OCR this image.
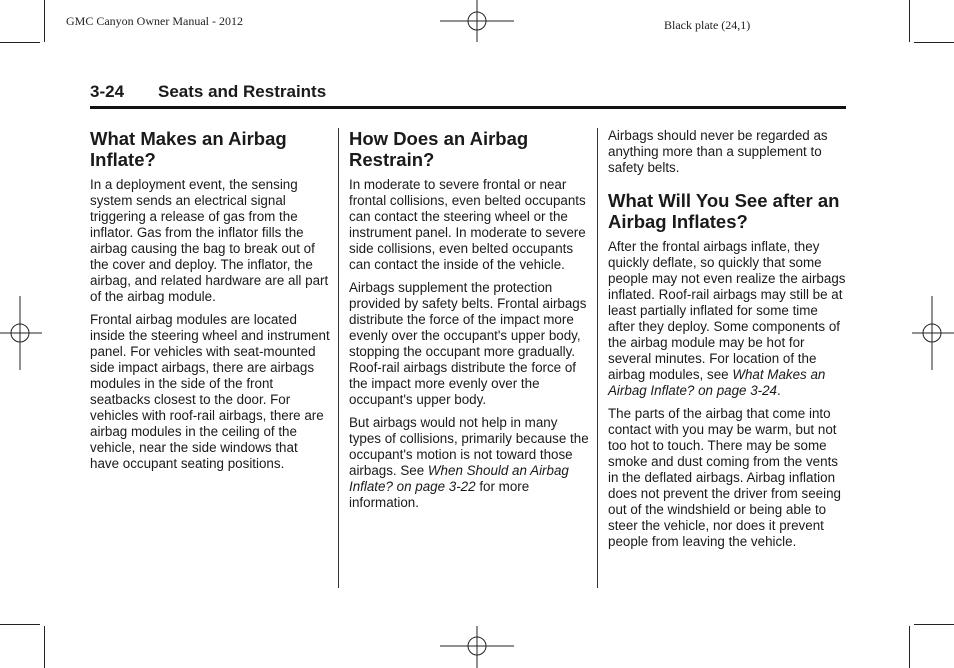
GMC Canyon Owner Manual - 2012	Black plate (24,1)
3-24 Seats and Restraints
What Makes an Airbag Inflate?

In a deployment event, the sensing system sends an electrical signal triggering a release of gas from the inflator. Gas from the inflator fills the airbag causing the bag to break out of the cover and deploy. The inflator, the airbag, and related hardware are all part of the airbag module.

Frontal airbag modules are located inside the steering wheel and instrument panel. For vehicles with seat-mounted side impact airbags, there are airbags modules in the side of the front seatbacks closest to the door. For vehicles with roof-rail airbags, there are airbag modules in the ceiling of the vehicle, near the side windows that have occupant seating positions.

How Does an Airbag Restrain?

In moderate to severe frontal or near frontal collisions, even belted occupants can contact the steering wheel or the instrument panel. In moderate to severe side collisions, even belted occupants can contact the inside of the vehicle.

Airbags supplement the protection provided by safety belts. Frontal airbags distribute the force of the impact more evenly over the occupant's upper body, stopping the occupant more gradually. Roof-rail airbags distribute the force of the impact more evenly over the occupant's upper body.

But airbags would not help in many types of collisions, primarily because the occupant's motion is not toward those airbags. See When Should an Airbag Inflate? on page 3-22 for more information.

Airbags should never be regarded as anything more than a supplement to safety belts.

What Will You See after an Airbag Inflates?

After the frontal airbags inflate, they quickly deflate, so quickly that some people may not even realize the airbags inflated. Roof-rail airbags may still be at least partially inflated for some time after they deploy. Some components of the airbag module may be hot for several minutes. For location of the airbag modules, see What Makes an Airbag Inflate? on page 3-24.

The parts of the airbag that come into contact with you may be warm, but not too hot to touch. There may be some smoke and dust coming from the vents in the deflated airbags. Airbag inflation does not prevent the driver from seeing out of the windshield or being able to steer the vehicle, nor does it prevent people from leaving the vehicle.
